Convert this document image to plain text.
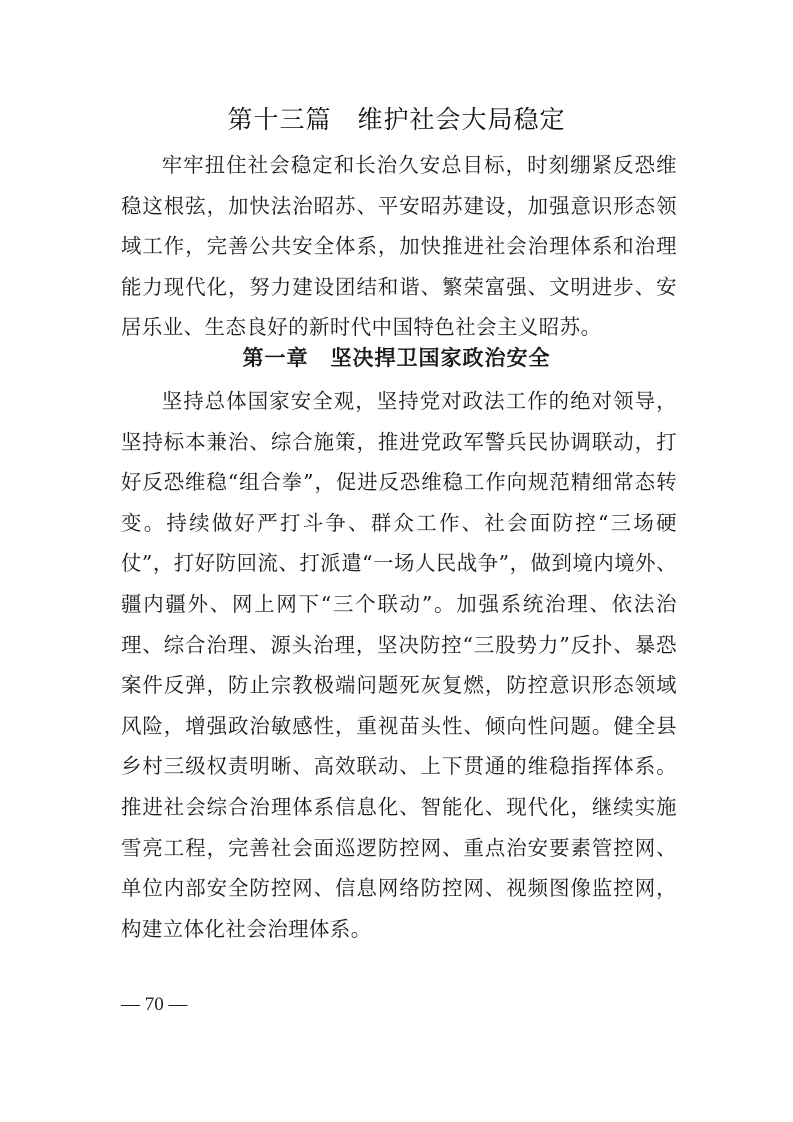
第十三篇　维护社会大局稳定

牢牢扭住社会稳定和长治久安总目标，时刻绷紧反恐维稳这根弦，加快法治昭苏、平安昭苏建设，加强意识形态领域工作，完善公共安全体系，加快推进社会治理体系和治理能力现代化，努力建设团结和谐、繁荣富强、文明进步、安居乐业、生态良好的新时代中国特色社会主义昭苏。

第一章　坚决捍卫国家政治安全

坚持总体国家安全观，坚持党对政法工作的绝对领导，坚持标本兼治、综合施策，推进党政军警兵民协调联动，打好反恐维稳“组合拳”，促进反恐维稳工作向规范精细常态转变。持续做好严打斗争、群众工作、社会面防控“三场硬仗”，打好防回流、打派遣“一场人民战争”，做到境内境外、疆内疆外、网上网下“三个联动”。加强系统治理、依法治理、综合治理、源头治理，坚决防控“三股势力”反扑、暴恐案件反弹，防止宗教极端问题死灰复燃，防控意识形态领域风险，增强政治敏感性，重视苗头性、倾向性问题。健全县乡村三级权责明晰、高效联动、上下贯通的维稳指挥体系。推进社会综合治理体系信息化、智能化、现代化，继续实施雪亮工程，完善社会面巡逻防控网、重点治安要素管控网、单位内部安全防控网、信息网络防控网、视频图像监控网，构建立体化社会治理体系。

— 70 —
